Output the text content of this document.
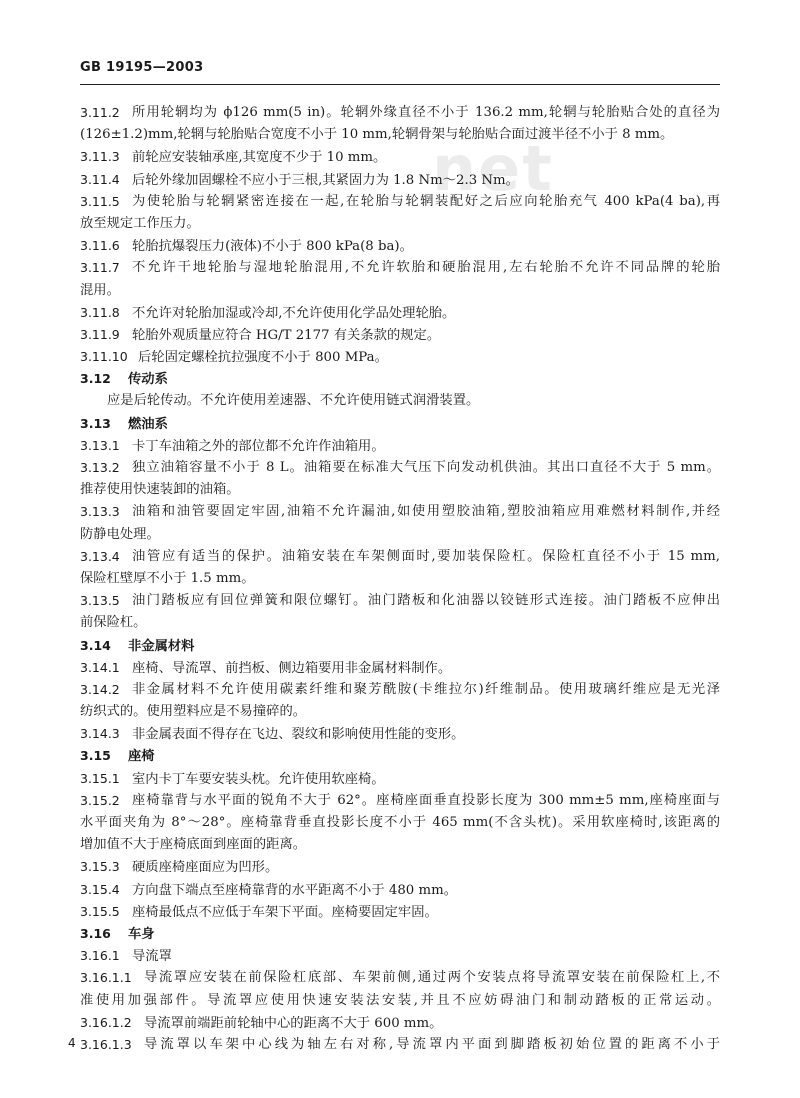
net
GB 19195—2003
3.11.2 所用轮辋均为 ϕ126 mm(5 in)。轮辋外缘直径不小于 136.2 mm,轮辋与轮胎贴合处的直径为
(126±1.2)mm,轮辋与轮胎贴合宽度不小于 10 mm,轮辋骨架与轮胎贴合面过渡半径不小于 8 mm。
3.11.3 前轮应安装轴承座,其宽度不少于 10 mm。
3.11.4 后轮外缘加固螺栓不应小于三根,其紧固力为 1.8 Nm～2.3 Nm。
3.11.5 为使轮胎与轮辋紧密连接在一起,在轮胎与轮辋装配好之后应向轮胎充气 400 kPa(4 ba),再
放至规定工作压力。
3.11.6 轮胎抗爆裂压力(液体)不小于 800 kPa(8 ba)。
3.11.7 不允许干地轮胎与湿地轮胎混用,不允许软胎和硬胎混用,左右轮胎不允许不同品牌的轮胎
混用。
3.11.8 不允许对轮胎加湿或冷却,不允许使用化学品处理轮胎。
3.11.9 轮胎外观质量应符合 HG/T 2177 有关条款的规定。
3.11.10 后轮固定螺栓抗拉强度不小于 800 MPa。
3.12 传动系
应是后轮传动。不允许使用差速器、不允许使用链式润滑装置。
3.13 燃油系
3.13.1 卡丁车油箱之外的部位都不允许作油箱用。
3.13.2 独立油箱容量不小于 8 L。油箱要在标准大气压下向发动机供油。其出口直径不大于 5 mm。
推荐使用快速装卸的油箱。
3.13.3 油箱和油管要固定牢固,油箱不允许漏油,如使用塑胶油箱,塑胶油箱应用难燃材料制作,并经
防静电处理。
3.13.4 油管应有适当的保护。油箱安装在车架侧面时,要加装保险杠。保险杠直径不小于 15 mm,
保险杠壁厚不小于 1.5 mm。
3.13.5 油门踏板应有回位弹簧和限位螺钉。油门踏板和化油器以铰链形式连接。油门踏板不应伸出
前保险杠。
3.14 非金属材料
3.14.1 座椅、导流罩、前挡板、侧边箱要用非金属材料制作。
3.14.2 非金属材料不允许使用碳素纤维和聚芳酰胺(卡维拉尔)纤维制品。使用玻璃纤维应是无光泽
纺织式的。使用塑料应是不易撞碎的。
3.14.3 非金属表面不得存在飞边、裂纹和影响使用性能的变形。
3.15 座椅
3.15.1 室内卡丁车要安装头枕。允许使用软座椅。
3.15.2 座椅靠背与水平面的锐角不大于 62°。座椅座面垂直投影长度为 300 mm±5 mm,座椅座面与
水平面夹角为 8°～28°。座椅靠背垂直投影长度不小于 465 mm(不含头枕)。采用软座椅时,该距离的
增加值不大于座椅底面到座面的距离。
3.15.3 硬质座椅座面应为凹形。
3.15.4 方向盘下端点至座椅靠背的水平距离不小于 480 mm。
3.15.5 座椅最低点不应低于车架下平面。座椅要固定牢固。
3.16 车身
3.16.1 导流罩
3.16.1.1 导流罩应安装在前保险杠底部、车架前侧,通过两个安装点将导流罩安装在前保险杠上,不
准使用加强部件。导流罩应使用快速安装法安装,并且不应妨碍油门和制动踏板的正常运动。
3.16.1.2 导流罩前端距前轮轴中心的距离不大于 600 mm。
3.16.1.3 导流罩以车架中心线为轴左右对称,导流罩内平面到脚踏板初始位置的距离不小于
4
